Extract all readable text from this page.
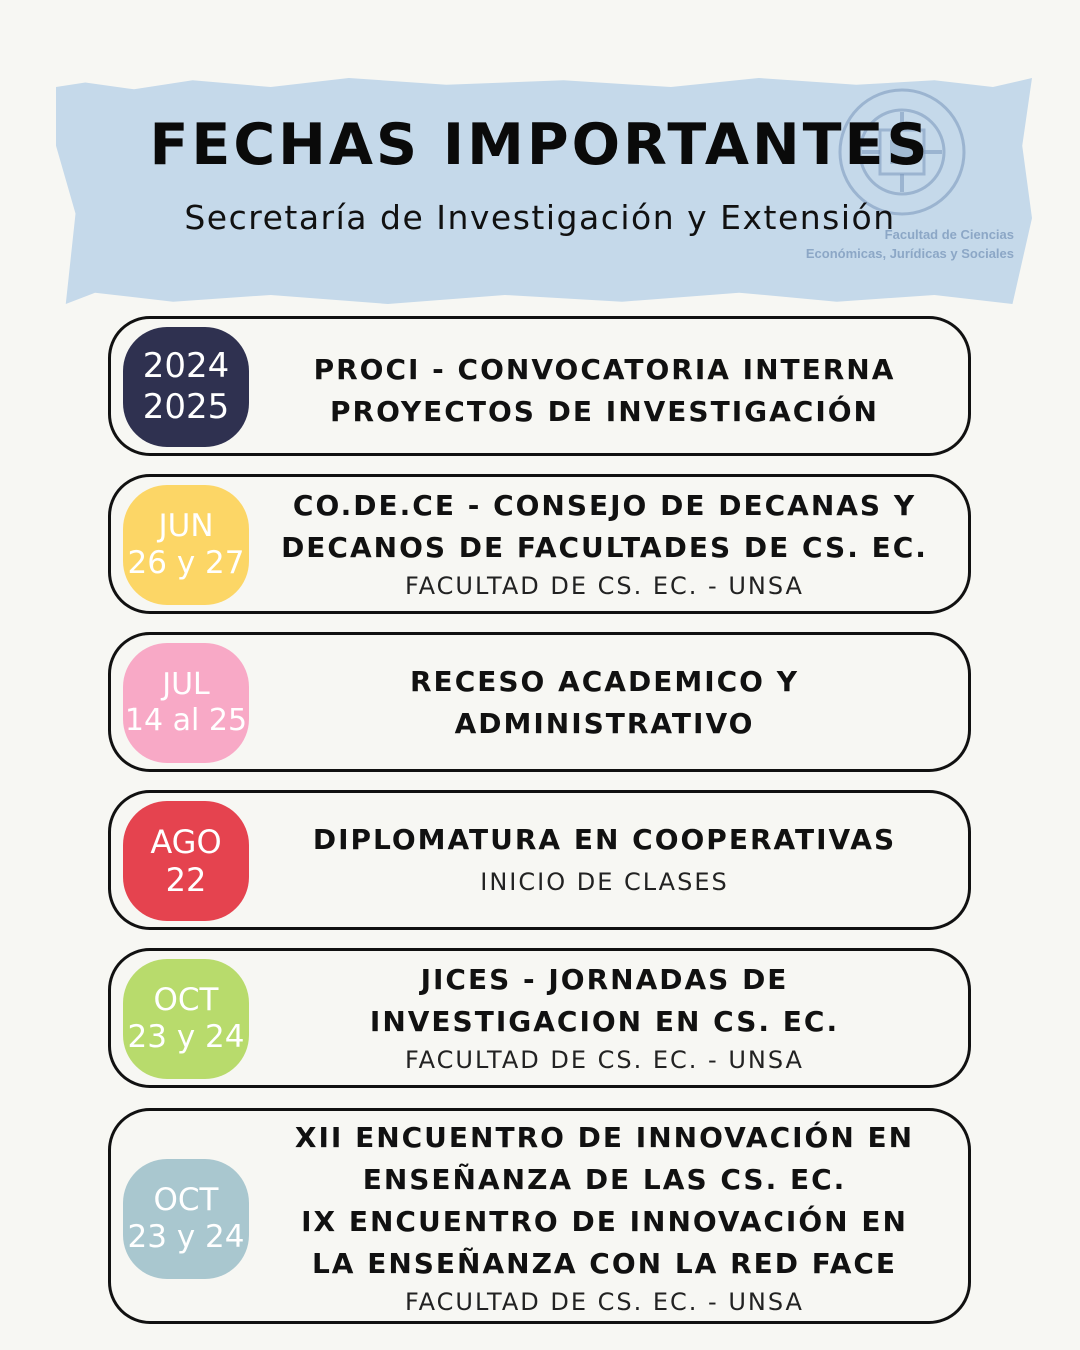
Facultad de Ciencias
Económicas, Jurídicas y Sociales
FECHAS IMPORTANTES
Secretaría de Investigación y Extensión
2024
2025
PROCI - CONVOCATORIA INTERNA
PROYECTOS DE INVESTIGACIÓN
JUN
26 y 27
CO.DE.CE - CONSEJO DE DECANAS Y
DECANOS DE FACULTADES DE CS. EC.
FACULTAD DE CS. EC. - UNSA
JUL
14 al 25
RECESO ACADEMICO Y
ADMINISTRATIVO
AGO
22
DIPLOMATURA EN COOPERATIVAS
INICIO DE CLASES
OCT
23 y 24
JICES - JORNADAS DE
INVESTIGACION EN CS. EC.
FACULTAD DE CS. EC. - UNSA
OCT
23 y 24
XII ENCUENTRO DE INNOVACIÓN EN
ENSEÑANZA DE LAS CS. EC.
IX ENCUENTRO DE INNOVACIÓN EN
LA ENSEÑANZA CON LA RED FACE
FACULTAD DE CS. EC. - UNSA
